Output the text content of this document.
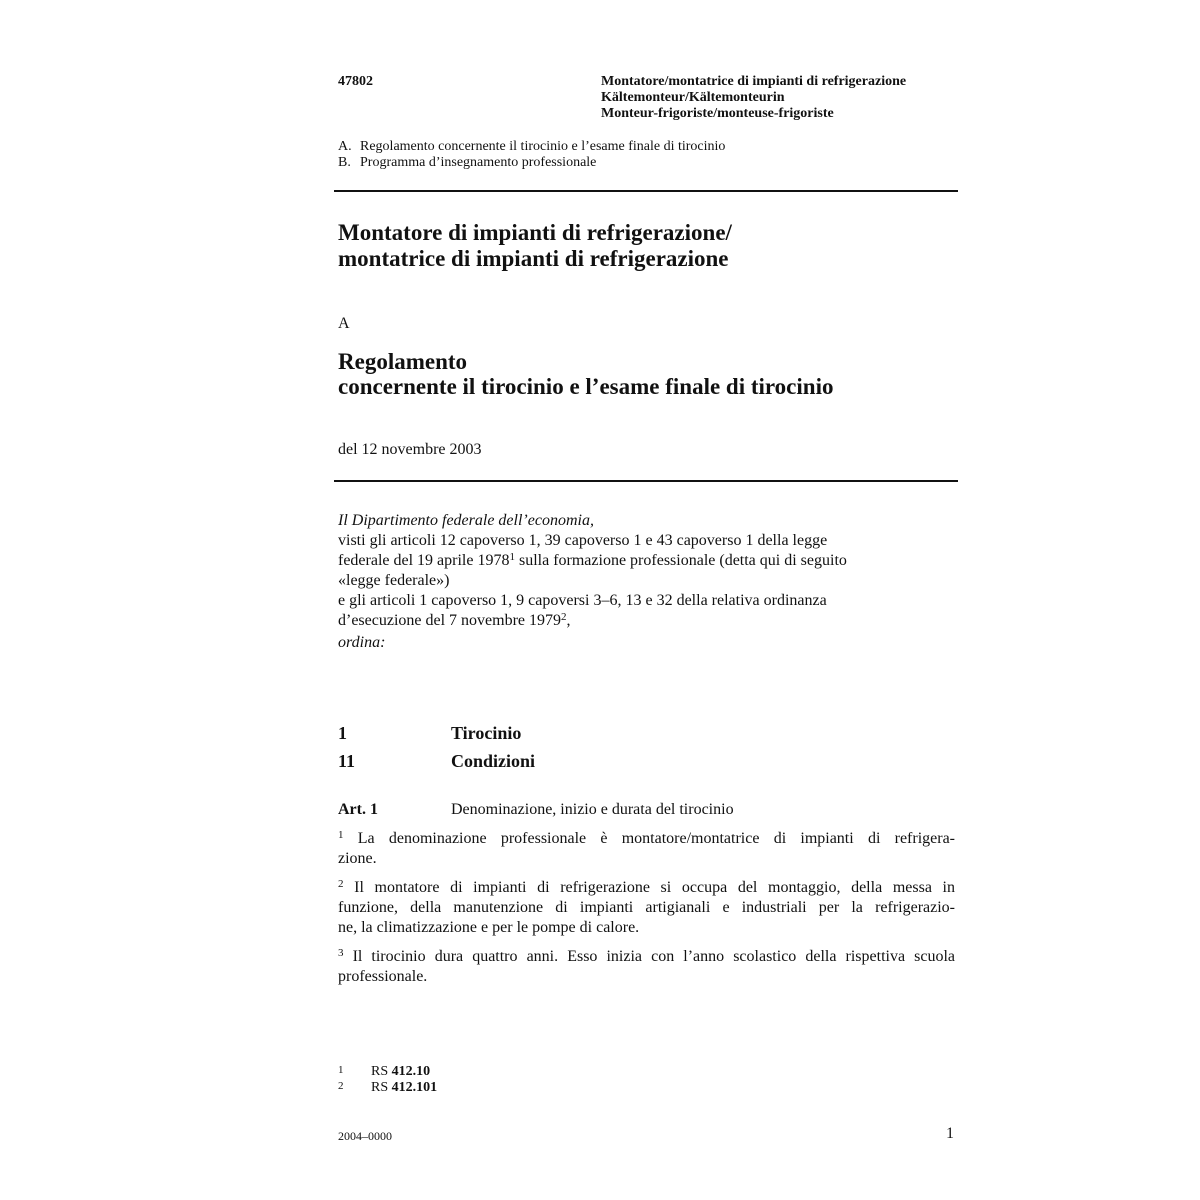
47802	Montatore/montatrice di impianti di refrigerazione
Kältemonteur/Kältemonteurin
Monteur-frigoriste/monteuse-frigoriste
A. Regolamento concernente il tirocinio e l’esame finale di tirocinio
B. Programma d’insegnamento professionale
Montatore di impianti di refrigerazione/
montatrice di impianti di refrigerazione
A
Regolamento
concernente il tirocinio e l’esame finale di tirocinio
del 12 novembre 2003
Il Dipartimento federale dell’economia,
visti gli articoli 12 capoverso 1, 39 capoverso 1 e 43 capoverso 1 della legge
federale del 19 aprile 1978$^1$ sulla formazione professionale (detta qui di seguito
«legge federale»)
e gli articoli 1 capoverso 1, 9 capoversi 3–6, 13 e 32 della relativa ordinanza
d’esecuzione del 7 novembre 1979$^2$,
ordina:
1	Tirocinio
11	Condizioni
Art. 1	Denominazione, inizio e durata del tirocinio
$^1$ La denominazione professionale è montatore/montatrice di impianti di refrigera-
zione.
$^2$ Il montatore di impianti di refrigerazione si occupa del montaggio, della messa in
funzione, della manutenzione di impianti artigianali e industriali per la refrigerazio-
ne, la climatizzazione e per le pompe di calore.
$^3$ Il tirocinio dura quattro anni. Esso inizia con l’anno scolastico della rispettiva scuola
professionale.
1 RS 412.10
2 RS 412.101
2004–0000	1
